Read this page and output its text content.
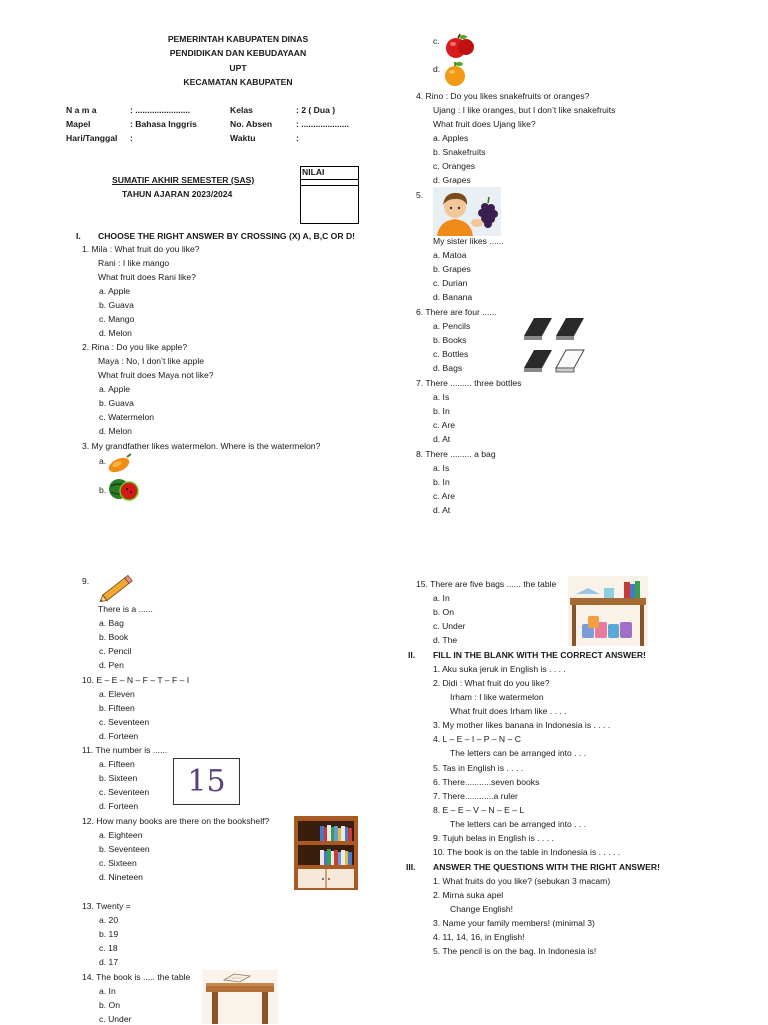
PEMERINTAH KABUPATEN DINAS
PENDIDIKAN DAN KEBUDAYAAN
UPT
KECAMATAN KABUPATEN
N a m a	: .......................
Mapel	: Bahasa Inggris
Hari/Tanggal :
Kelas	: 2 ( Dua )
No. Absen	: ....................
Waktu	:
SUMATIF AKHIR SEMESTER (SAS)
TAHUN AJARAN 2023/2024
NILAI
I. CHOOSE THE RIGHT ANSWER BY CROSSING (X) A, B,C OR D!
1. Mila : What fruit do you like?
Rani : I like mango
What fruit does Rani like?
a. Apple
b. Guava
c. Mango
d. Melon
2. Rina : Do you like apple?
Maya : No, I don’t like apple
What fruit does Maya not like?
a. Apple
b. Guava
c. Watermelon
d. Melon
3. My grandfather likes watermelon. Where is the watermelon?
a.
b.
c.
d.
4. Rino : Do you likes snakefruits or oranges?
Ujang : I like oranges, but I don’t like snakefruits
What fruit does Ujang like?
a. Apples
b. Snakefruits
c. Oranges
d. Grapes
5.
My sister likes ......
a. Matoa
b. Grapes
c. Durian
d. Banana
6. There are four ......
a. Pencils
b. Books
c. Bottles
d. Bags
7. There ......... three bottles
a. Is
b. In
c. Are
d. At
8. There ......... a bag
a. Is
b. In
c. Are
d. At
9.
There is a ......
a. Bag
b. Book
c. Pencil
d. Pen
10. E – E – N – F – T – F – I
a. Eleven
b. Fifteen
c. Seventeen
d. Forteen
11. The number is ......
a. Fifteen
b. Sixteen
c. Seventeen
d. Forteen
15
12. How many books are there on the bookshelf?
a. Eighteen
b. Seventeen
c. Sixteen
d. Nineteen
13. Twenty =
a. 20
b. 19
c. 18
d. 17
14. The book is ..... the table
a. In
b. On
c. Under
15. There are five bags ...... the table
a. In
b. On
c. Under
d. The
II. FILL IN THE BLANK WITH THE CORRECT ANSWER!
1. Aku suka jeruk in English is . . . .
2. Didi : What fruit do you like?
Irham : I like watermelon
What fruit does Irham like . . . .
3. My mother likes banana in Indonesia is . . . .
4. L – E – I – P – N – C
The letters can be arranged into . . .
5. Tas in English is . . . .
6. There...........seven books
7. There............a ruler
8. E – E – V – N – E – L
The letters can be arranged into . . .
9. Tujuh belas in English is . . . .
10. The book is on the table in Indonesia is . . . . .
III. ANSWER THE QUESTIONS WITH THE RIGHT ANSWER!
1. What fruits do you like? (sebukan 3 macam)
2. Mirna suka apel
Change English!
3. Name your family members! (minimal 3)
4. 11, 14, 16, in English!
5. The pencil is on the bag. In Indonesia is!
